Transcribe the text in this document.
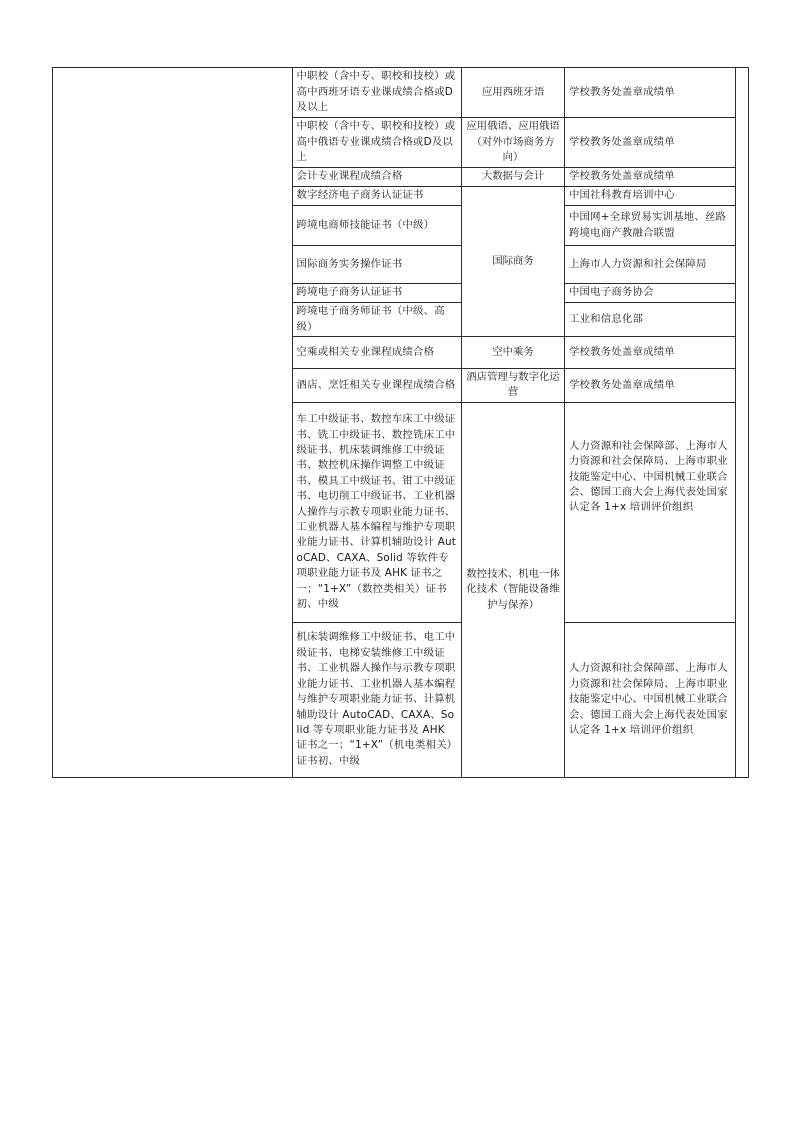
	中职校（含中专、职校和技校）或高中西班牙语专业课成绩合格或D及以上	应用西班牙语	学校教务处盖章成绩单	
	中职校（含中专、职校和技校）或高中俄语专业课成绩合格或D及以上	应用俄语、应用俄语（对外市场商务方向）	学校教务处盖章成绩单	
	会计专业课程成绩合格	大数据与会计	学校教务处盖章成绩单	
	数字经济电子商务认证证书	国际商务	中国社科教育培训中心	
	跨境电商师技能证书（中级）		中国网+全球贸易实训基地、丝路跨境电商产教融合联盟	
	国际商务实务操作证书		上海市人力资源和社会保障局	
	跨境电子商务认证证书		中国电子商务协会	
	跨境电子商务师证书（中级、高级）		工业和信息化部	
	空乘或相关专业课程成绩合格	空中乘务	学校教务处盖章成绩单	
	酒店、烹饪相关专业课程成绩合格	酒店管理与数字化运营	学校教务处盖章成绩单	
	车工中级证书、数控车床工中级证书、铣工中级证书、数控铣床工中级证书、机床装调维修工中级证书、数控机床操作调整工中级证书、模具工中级证书、钳工中级证书、电切削工中级证书、工业机器人操作与示教专项职业能力证书、工业机器人基本编程与维护专项职业能力证书、计算机辅助设计 AutoCAD、CAXA、Solid 等软件专项职业能力证书及 AHK 证书之一；“1+X”（数控类相关）证书初、中级	数控技术、机电一体化技术（智能设备维护与保养）	人力资源和社会保障部、上海市人力资源和社会保障局、上海市职业技能鉴定中心、中国机械工业联合会、德国工商大会上海代表处国家认定各 1+x 培训评价组织	
	机床装调维修工中级证书、电工中级证书、电梯安装维修工中级证书、工业机器人操作与示教专项职业能力证书、工业机器人基本编程与维护专项职业能力证书、计算机辅助设计 AutoCAD、CAXA、Solid 等专项职业能力证书及 AHK 证书之一；“1+X”（机电类相关）证书初、中级		人力资源和社会保障部、上海市人力资源和社会保障局、上海市职业技能鉴定中心、中国机械工业联合会、德国工商大会上海代表处国家认定各 1+x 培训评价组织	
